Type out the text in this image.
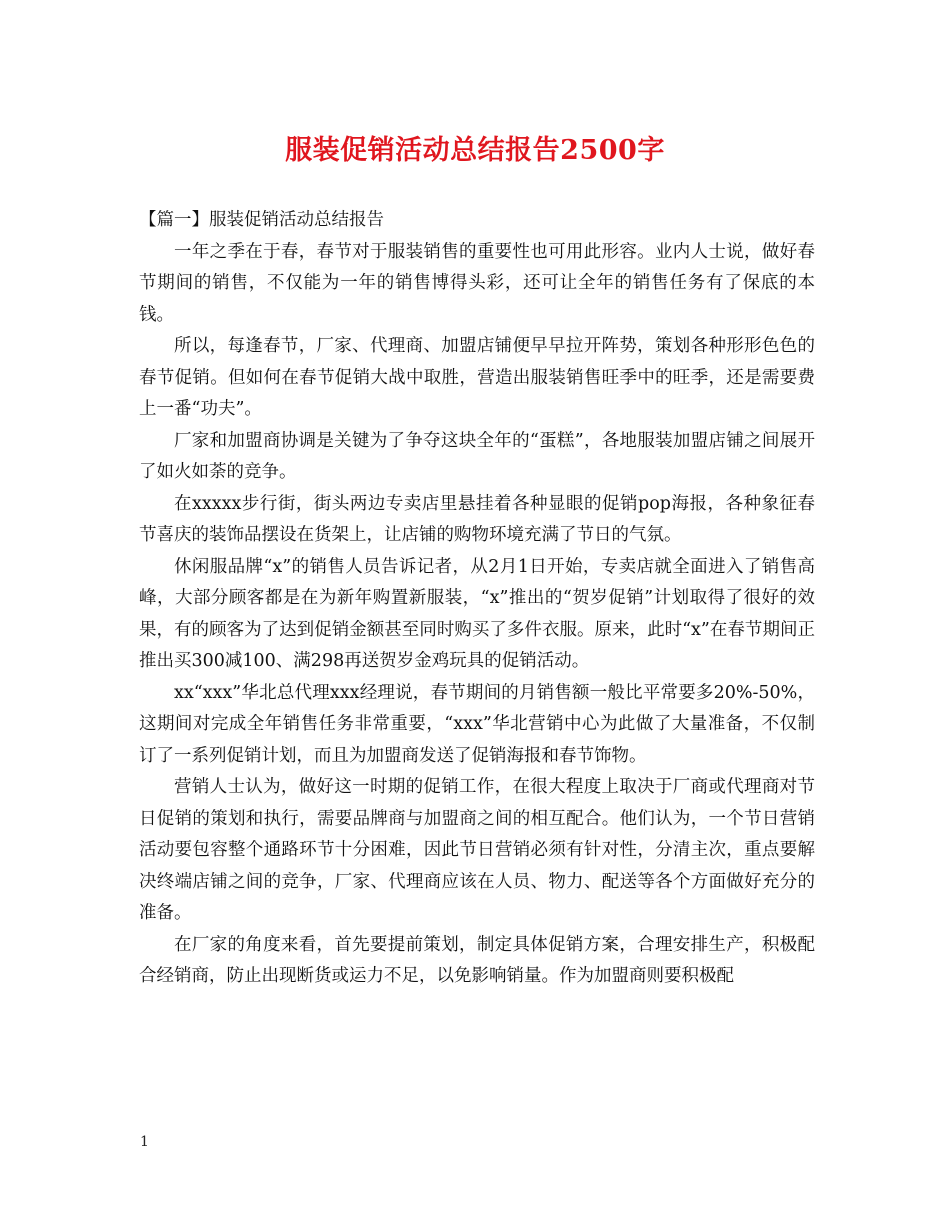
服装促销活动总结报告2500字

【篇一】服装促销活动总结报告

一年之季在于春，春节对于服装销售的重要性也可用此形容。业内人士说，做好春节期间的销售，不仅能为一年的销售博得头彩，还可让全年的销售任务有了保底的本钱。

所以，每逢春节，厂家、代理商、加盟店铺便早早拉开阵势，策划各种形形色色的春节促销。但如何在春节促销大战中取胜，营造出服装销售旺季中的旺季，还是需要费上一番“功夫”。

厂家和加盟商协调是关键为了争夺这块全年的“蛋糕”，各地服装加盟店铺之间展开了如火如荼的竞争。

在xxxxx步行街，街头两边专卖店里悬挂着各种显眼的促销pop海报，各种象征春节喜庆的装饰品摆设在货架上，让店铺的购物环境充满了节日的气氛。

休闲服品牌“x”的销售人员告诉记者，从2月1日开始，专卖店就全面进入了销售高峰，大部分顾客都是在为新年购置新服装，“x”推出的“贺岁促销”计划取得了很好的效果，有的顾客为了达到促销金额甚至同时购买了多件衣服。原来，此时“x”在春节期间正推出买300减100、满298再送贺岁金鸡玩具的促销活动。

xx“xxx”华北总代理xxx经理说，春节期间的月销售额一般比平常要多20%-50%，这期间对完成全年销售任务非常重要，“xxx”华北营销中心为此做了大量准备，不仅制订了一系列促销计划，而且为加盟商发送了促销海报和春节饰物。

营销人士认为，做好这一时期的促销工作，在很大程度上取决于厂商或代理商对节日促销的策划和执行，需要品牌商与加盟商之间的相互配合。他们认为，一个节日营销活动要包容整个通路环节十分困难，因此节日营销必须有针对性，分清主次，重点要解决终端店铺之间的竞争，厂家、代理商应该在人员、物力、配送等各个方面做好充分的准备。

在厂家的角度来看，首先要提前策划，制定具体促销方案，合理安排生产，积极配合经销商，防止出现断货或运力不足，以免影响销量。作为加盟商则要积极配

1
